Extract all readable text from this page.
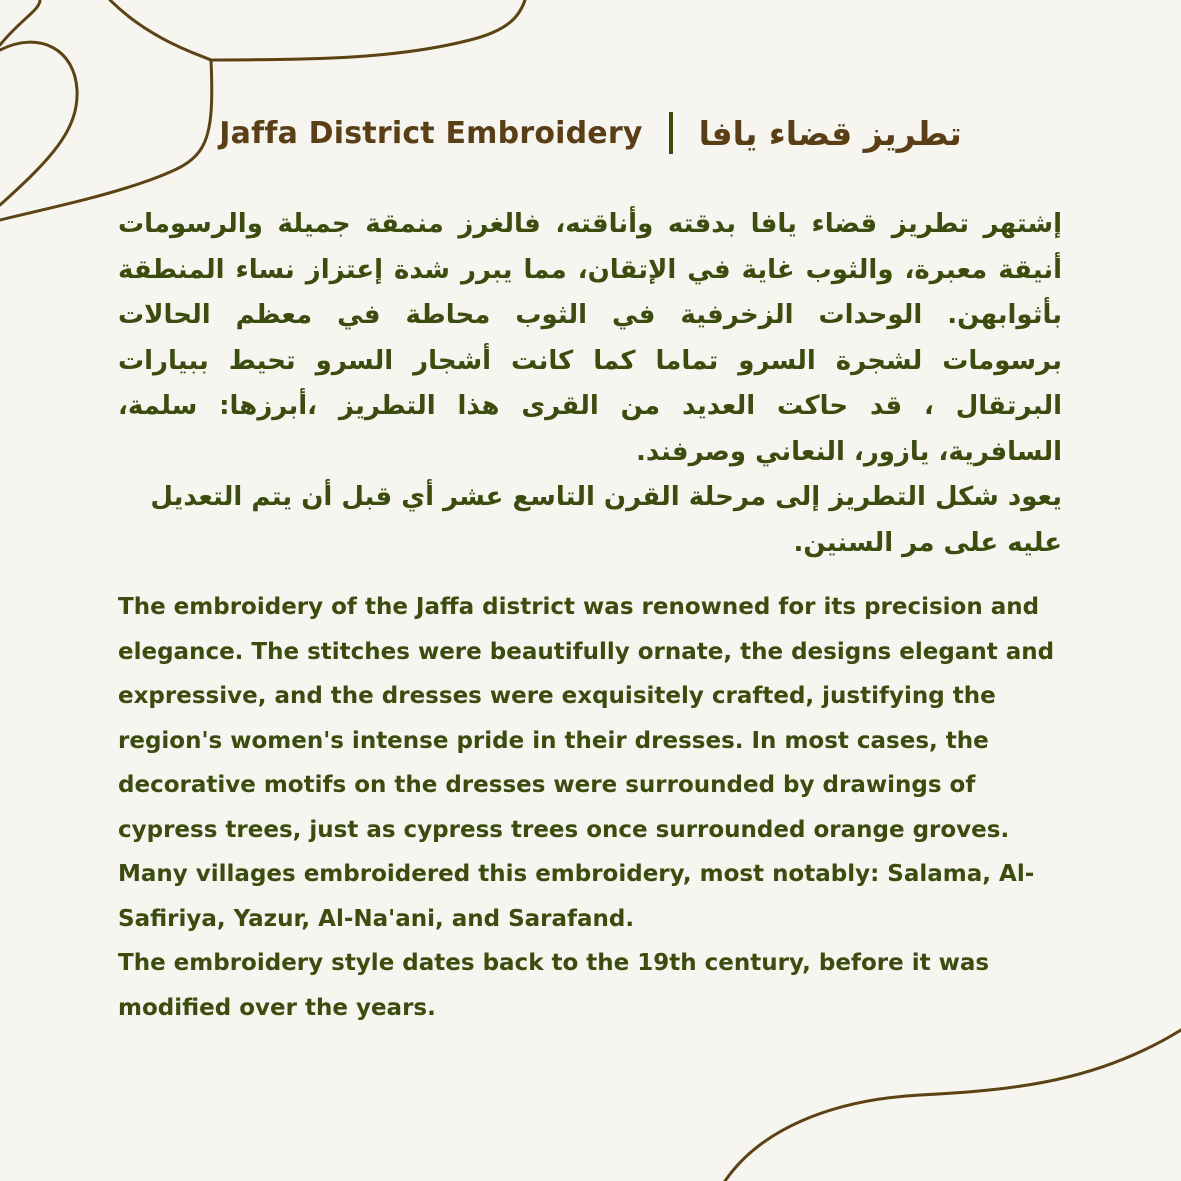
Jaffa District Embroidery تطريز قضاء يافا

إشتهر تطريز قضاء يافا بدقته وأناقته، فالغرز منمقة جميلة والرسومات أنيقة معبرة، والثوب غاية في الإتقان، مما يبرر شدة إعتزاز نساء المنطقة بأثوابهن. الوحدات الزخرفية في الثوب محاطة في معظم الحالات برسومات لشجرة السرو تماما كما كانت أشجار السرو تحيط ببيارات البرتقال ، قد حاكت العديد من القرى هذا التطريز ،أبرزها: سلمة، السافرية، يازور، النعاني وصرفند.

يعود شكل التطريز إلى مرحلة القرن التاسع عشر أي قبل أن يتم التعديل عليه على مر السنين.

The embroidery of the Jaffa district was renowned for its precision and elegance. The stitches were beautifully ornate, the designs elegant and expressive, and the dresses were exquisitely crafted, justifying the region's women's intense pride in their dresses. In most cases, the decorative motifs on the dresses were surrounded by drawings of cypress trees, just as cypress trees once surrounded orange groves. Many villages embroidered this embroidery, most notably: Salama, Al-Safiriya, Yazur, Al-Na'ani, and Sarafand.

The embroidery style dates back to the 19th century, before it was modified over the years.
